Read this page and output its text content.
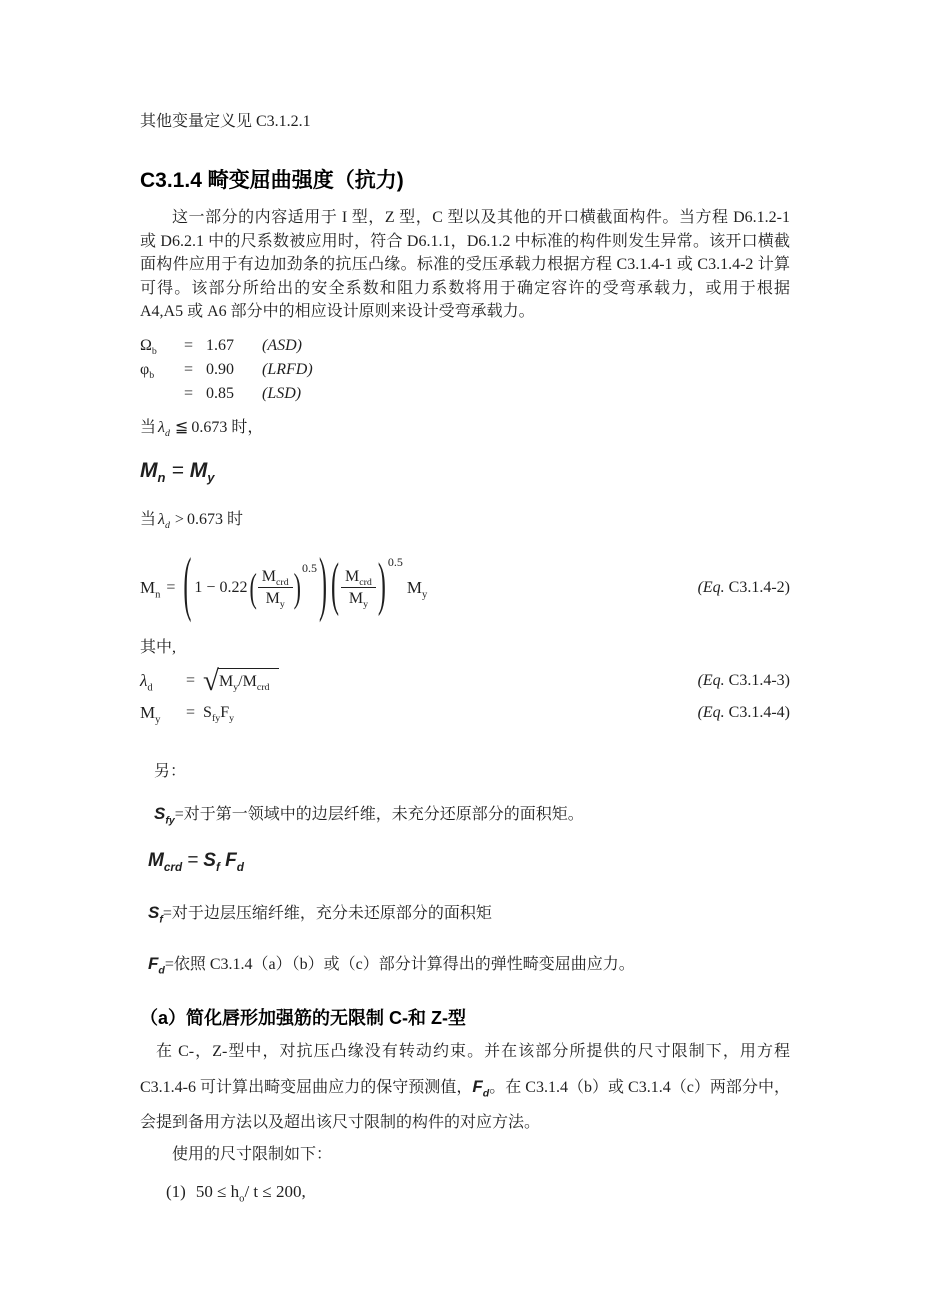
其他变量定义见 C3.1.2.1
C3.1.4 畸变屈曲强度（抗力)
这一部分的内容适用于 I 型，Z 型，C 型以及其他的开口横截面构件。当方程 D6.1.2-1 或 D6.2.1 中的尺系数被应用时，符合 D6.1.1，D6.1.2 中标准的构件则发生异常。该开口横截面构件应用于有边加劲条的抗压凸缘。标准的受压承载力根据方程 C3.1.4-1 或 C3.1.4-2 计算可得。该部分所给出的安全系数和阻力系数将用于确定容许的受弯承载力，或用于根据 A4,A5 或 A6 部分中的相应设计原则来设计受弯承载力。
$\Omega_b$	= 1.67	(ASD)
$\varphi_b$	= 0.90	(LRFD)
= 0.85	(LSD)
当 $\lambda_d$ ≦ 0.673 时，
$M_n = M_y$
当 $\lambda_d > 0.673$ 时
$M_n$ = ( 1 − 0.22 ( $\frac{M_{crd}}{M_y} )^{0.5}$ ) ( $\frac{M_{crd}}{M_y} )^{0.5}$
$M_y$	(Eq. C3.1.4-2)
其中,
$\lambda_d$	= √ $M_y/M_{crd}$	(Eq. C3.1.4-3)
$M_y$	= $S_{fy}F_y$	(Eq. C3.1.4-4)
另：
$S_{fy}=$对于第一领域中的边层纤维，未充分还原部分的面积矩。
$M_{crd} = S_f$ $F_d$
$S_f=$对于边层压缩纤维，充分未还原部分的面积矩
$F_d=$依照 C3.1.4（a）（b）或（c）部分计算得出的弹性畸变屈曲应力。
（a）简化唇形加强筋的无限制 C-和 Z-型
在 C-，Z-型中，对抗压凸缘没有转动约束。并在该部分所提供的尺寸限制下，用方程 C3.1.4-6 可计算出畸变屈曲应力的保守预测值，$F_d$。在 C3.1.4（b）或 C3.1.4（c）两部分中，会提到备用方法以及超出该尺寸限制的构件的对应方法。
使用的尺寸限制如下：
(1) $50 \le h_o/$ t ≤ 200,
